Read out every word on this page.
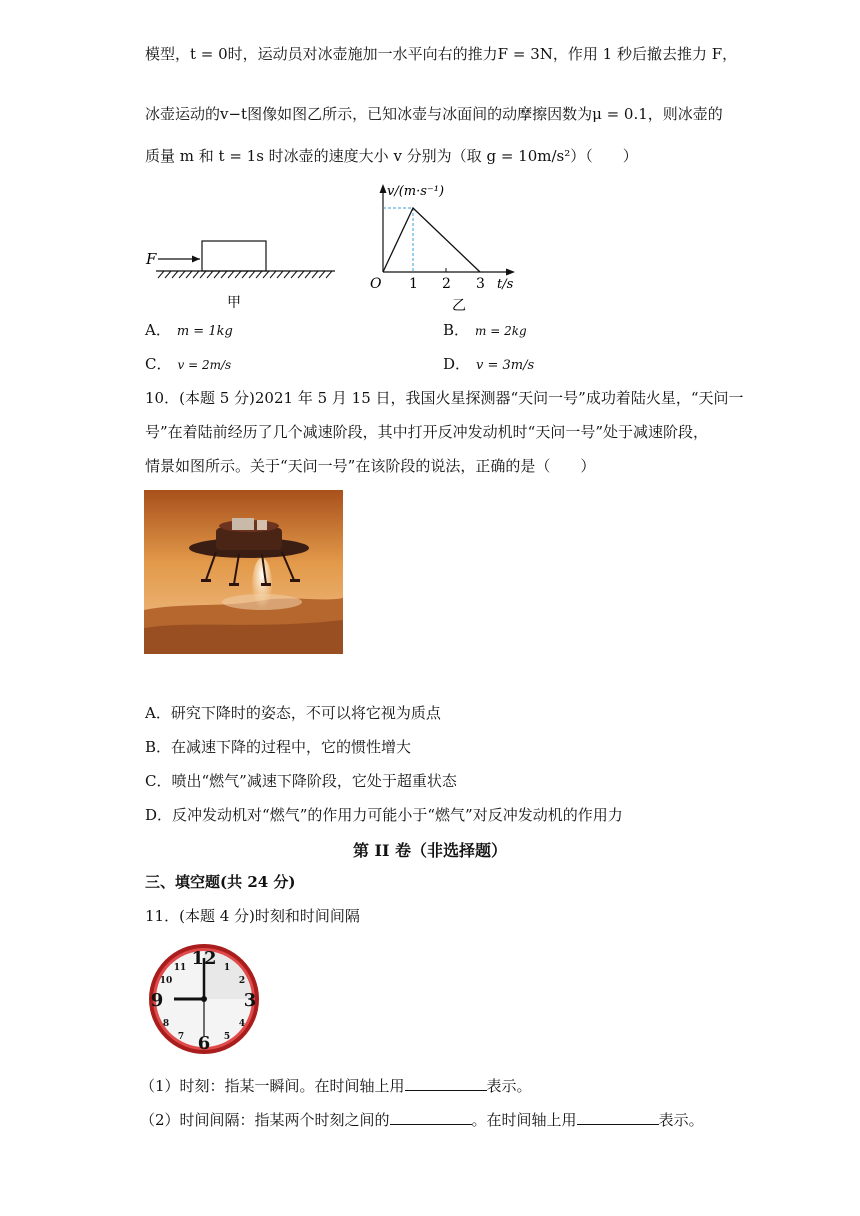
模型，t = 0时，运动员对冰壶施加一水平向右的推力F = 3N，作用 1 秒后撤去推力 F，
冰壶运动的v−t图像如图乙所示，已知冰壶与冰面间的动摩擦因数为μ = 0.1，则冰壶的
质量 m 和 t = 1s 时冰壶的速度大小 v 分别为（取 g = 10m/s²）（　　）
F
甲
v/(m·s⁻¹)
O 1 2 3 t/s
乙
A． m = 1kg	B． m = 2kg
C． v = 2m/s	D． v = 3m/s
10．(本题 5 分)2021 年 5 月 15 日，我国火星探测器“天问一号”成功着陆火星，“天问一
号”在着陆前经历了几个减速阶段，其中打开反冲发动机时“天问一号”处于减速阶段，
情景如图所示。关于“天问一号”在该阶段的说法，正确的是（　　）
A．研究下降时的姿态，不可以将它视为质点
B．在减速下降的过程中，它的惯性增大
C．喷出“燃气”减速下降阶段，它处于超重状态
D．反冲发动机对“燃气”的作用力可能小于“燃气”对反冲发动机的作用力
第 II 卷（非选择题）
三、填空题(共 24 分)
11．(本题 4 分)时刻和时间间隔
12 1
2
3
4
5
6
7
8
9
10
11
（1）时刻：指某一瞬间。在时间轴上用	表示。
（2）时间间隔：指某两个时刻之间的	。在时间轴上用	表示。
